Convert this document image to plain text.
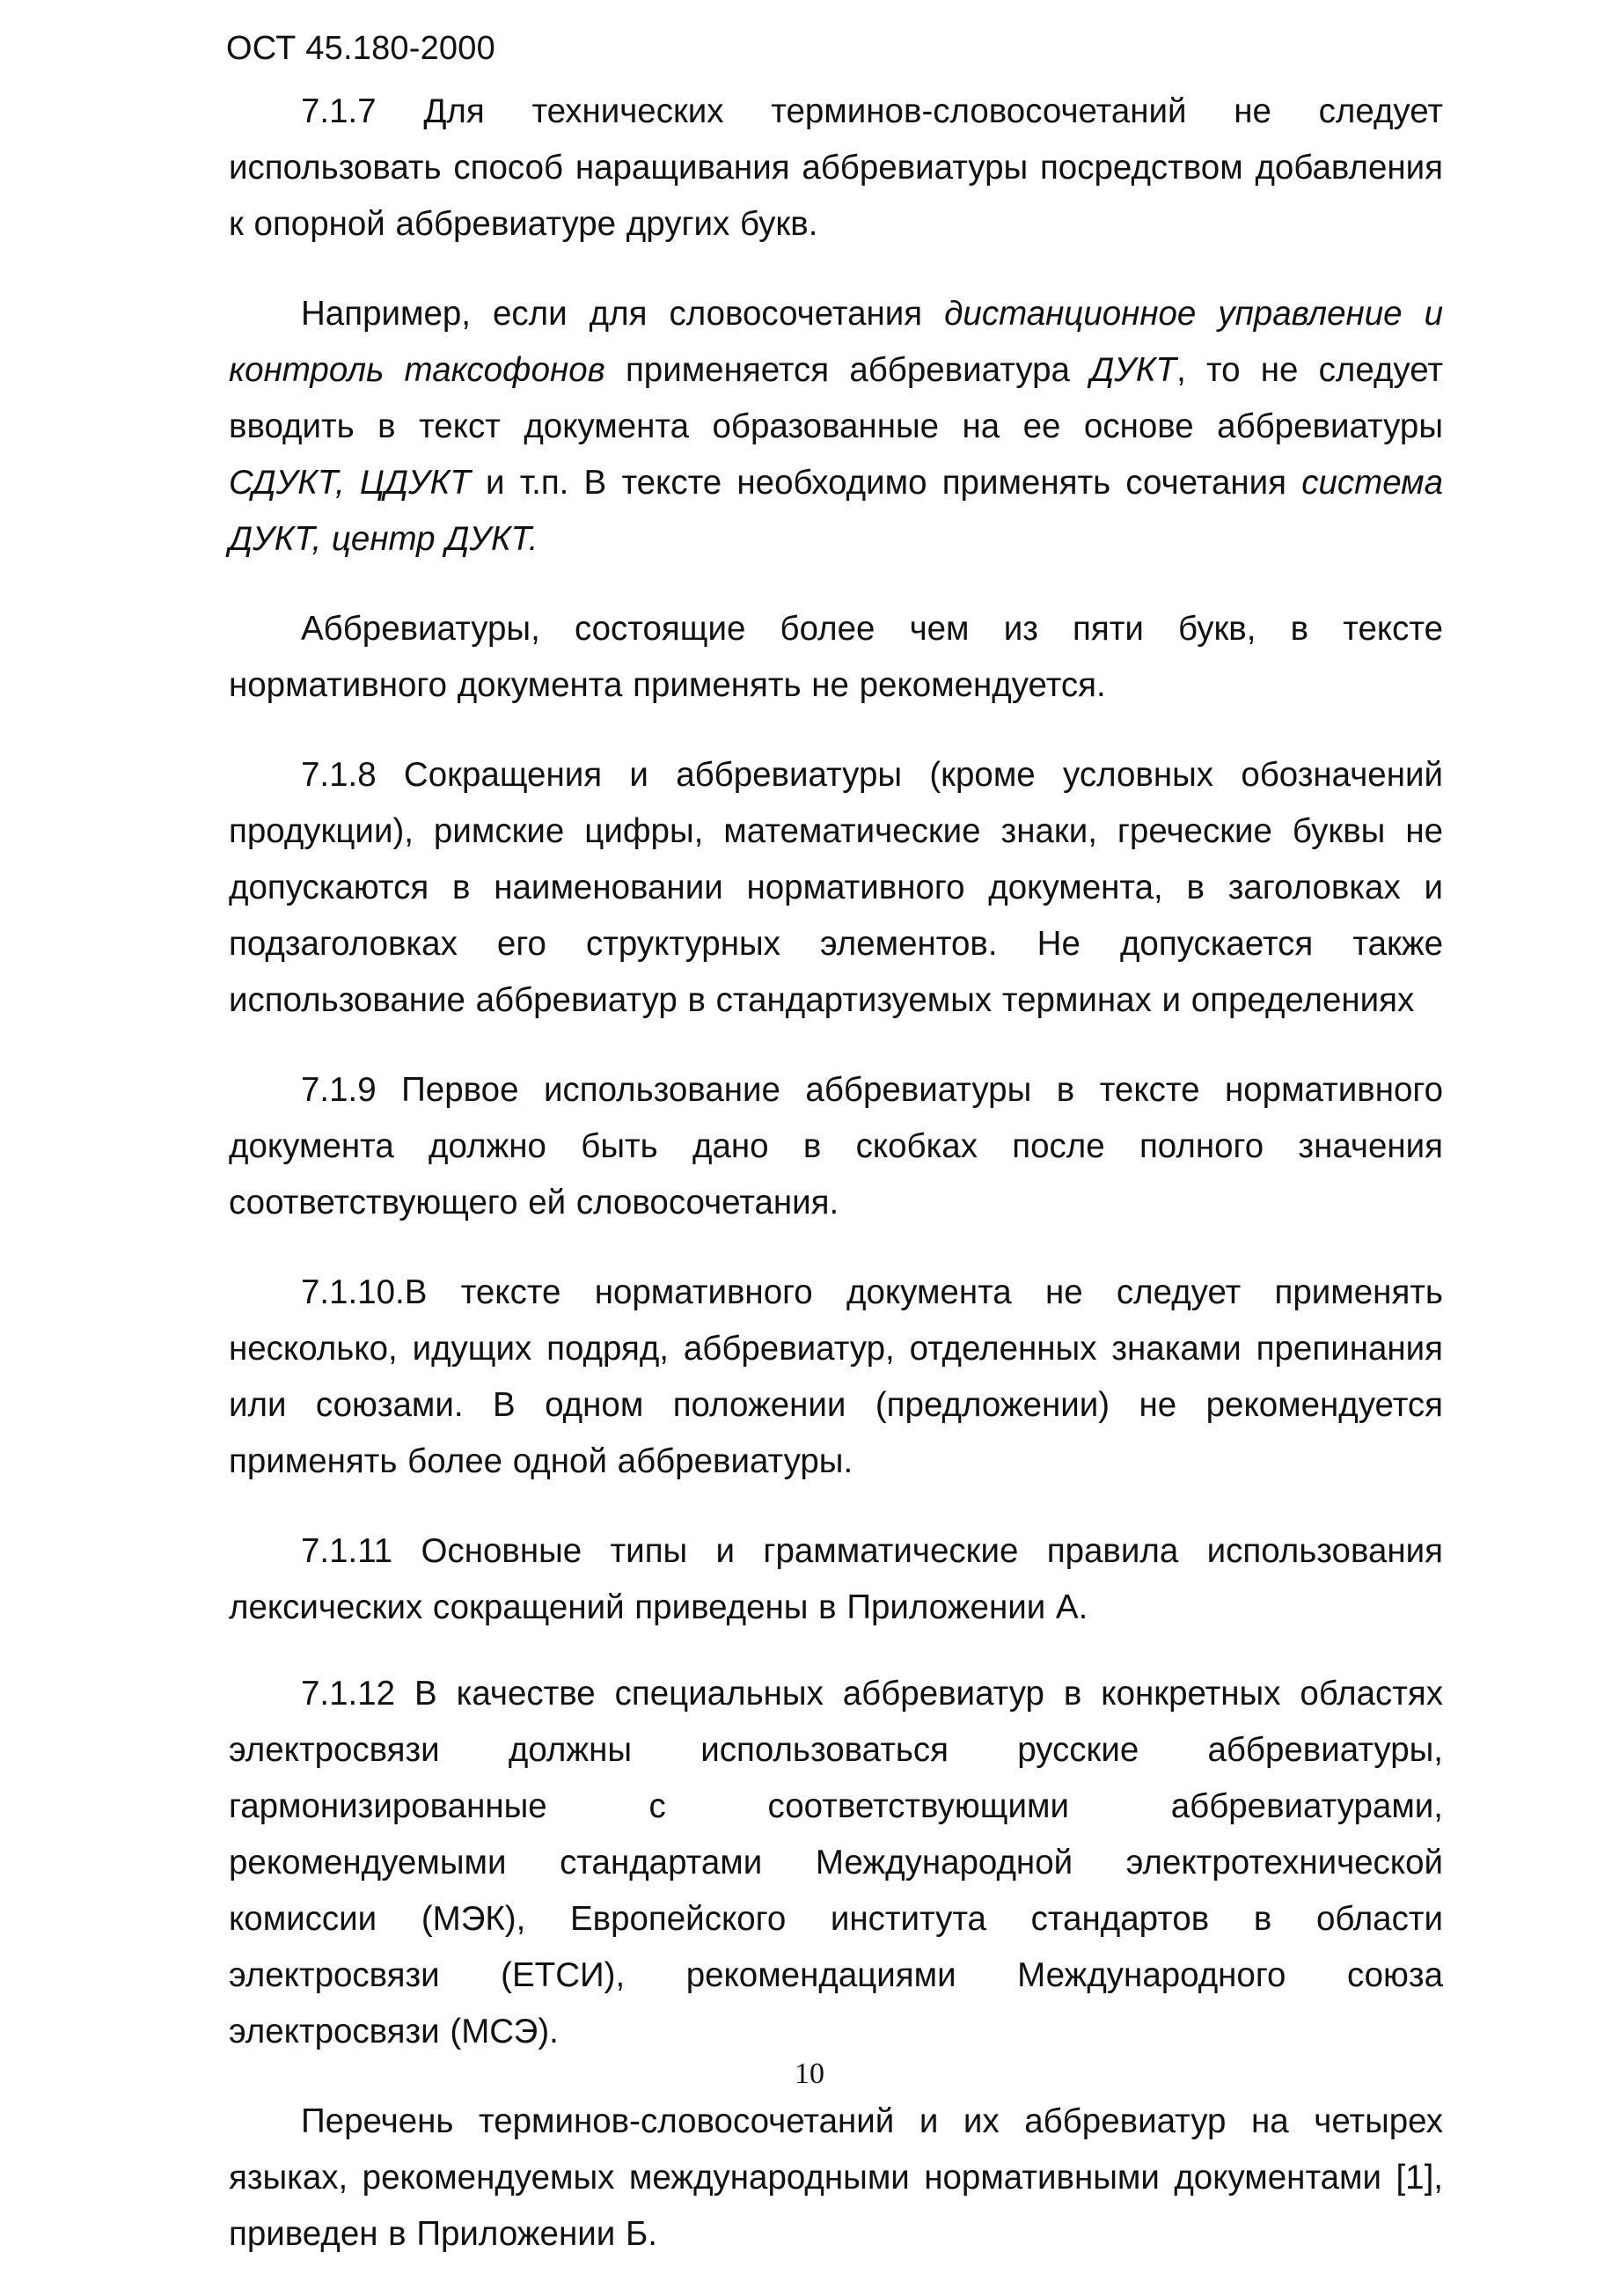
ОСТ 45.180-2000

7.1.7 Для технических терминов-словосочетаний не следует использовать способ наращивания аббревиатуры посредством добавления к опорной аббревиатуре других букв.

Например, если для словосочетания дистанционное управление и контроль таксофонов применяется аббревиатура ДУКТ, то не следует вводить в текст документа образованные на ее основе аббревиатуры СДУКТ, ЦДУКТ и т.п. В тексте необходимо применять сочетания система ДУКТ, центр ДУКТ.

Аббревиатуры, состоящие более чем из пяти букв, в тексте нормативного документа применять не рекомендуется.

7.1.8 Сокращения и аббревиатуры (кроме условных обозначений продукции), римские цифры, математические знаки, греческие буквы не допускаются в наименовании нормативного документа, в заголовках и подзаголовках его структурных элементов. Не допускается также использование аббревиатур в стандартизуемых терминах и определениях

7.1.9 Первое использование аббревиатуры в тексте нормативного документа должно быть дано в скобках после полного значения соответствующего ей словосочетания.

7.1.10.В тексте нормативного документа не следует применять несколько, идущих подряд, аббревиатур, отделенных знаками препинания или союзами. В одном положении (предложении) не рекомендуется применять более одной аббревиатуры.

7.1.11 Основные типы и грамматические правила использования лексических сокращений приведены в Приложении А.

7.1.12 В качестве специальных аббревиатур в конкретных областях электросвязи должны использоваться русские аббревиатуры, гармонизированные с соответствующими аббревиатурами, рекомендуемыми стандартами Международной электротехнической комиссии (МЭК), Европейского института стандартов в области электросвязи (ЕТСИ), рекомендациями Международного союза электросвязи (МСЭ).

Перечень терминов-словосочетаний и их аббревиатур на четырех языках, рекомендуемых международными нормативными документами [1], приведен в Приложении Б.

10
